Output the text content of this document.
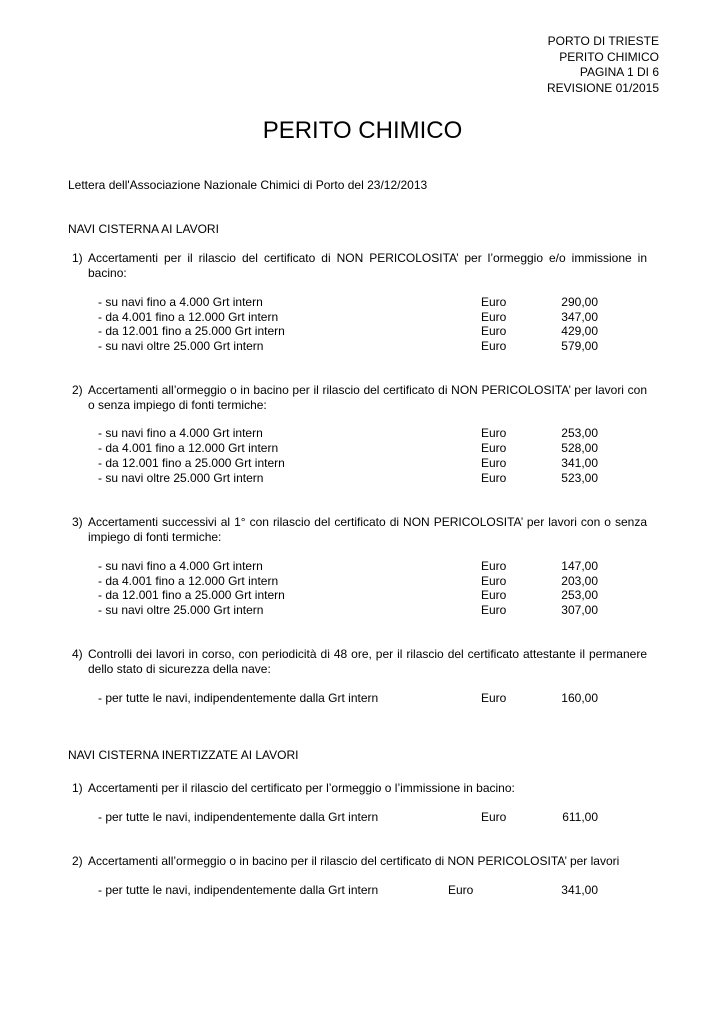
PORTO DI TRIESTE
PERITO CHIMICO
PAGINA 1 DI 6
REVISIONE 01/2015
PERITO CHIMICO
Lettera dell'Associazione Nazionale Chimici di Porto del 23/12/2013
NAVI CISTERNA AI LAVORI
1) Accertamenti per il rilascio del certificato di NON PERICOLOSITA’ per l’ormeggio e/o immissione in bacino:
- su navi fino a 4.000 Grt intern	Euro	290,00
- da 4.001 fino a 12.000 Grt intern	Euro	347,00
- da 12.001 fino a 25.000 Grt intern	Euro	429,00
- su navi oltre 25.000 Grt intern	Euro	579,00
2) Accertamenti all’ormeggio o in bacino per il rilascio del certificato di NON PERICOLOSITA’ per lavori con o senza impiego di fonti termiche:
- su navi fino a 4.000 Grt intern	Euro	253,00
- da 4.001 fino a 12.000 Grt intern	Euro	528,00
- da 12.001 fino a 25.000 Grt intern	Euro	341,00
- su navi oltre 25.000 Grt intern	Euro	523,00
3) Accertamenti successivi al 1° con rilascio del certificato di NON PERICOLOSITA’ per lavori con o senza impiego di fonti termiche:
- su navi fino a 4.000 Grt intern	Euro	147,00
- da 4.001 fino a 12.000 Grt intern	Euro	203,00
- da 12.001 fino a 25.000 Grt intern	Euro	253,00
- su navi oltre 25.000 Grt intern	Euro	307,00
4) Controlli dei lavori in corso, con periodicità di 48 ore, per il rilascio del certificato attestante il permanere dello stato di sicurezza della nave:
- per tutte le navi, indipendentemente dalla Grt intern	Euro	160,00
NAVI CISTERNA INERTIZZATE AI LAVORI
1) Accertamenti per il rilascio del certificato per l’ormeggio o l’immissione in bacino:
- per tutte le navi, indipendentemente dalla Grt intern	Euro	611,00
2) Accertamenti all’ormeggio o in bacino per il rilascio del certificato di NON PERICOLOSITA’ per lavori
- per tutte le navi, indipendentemente dalla Grt intern	Euro	341,00
